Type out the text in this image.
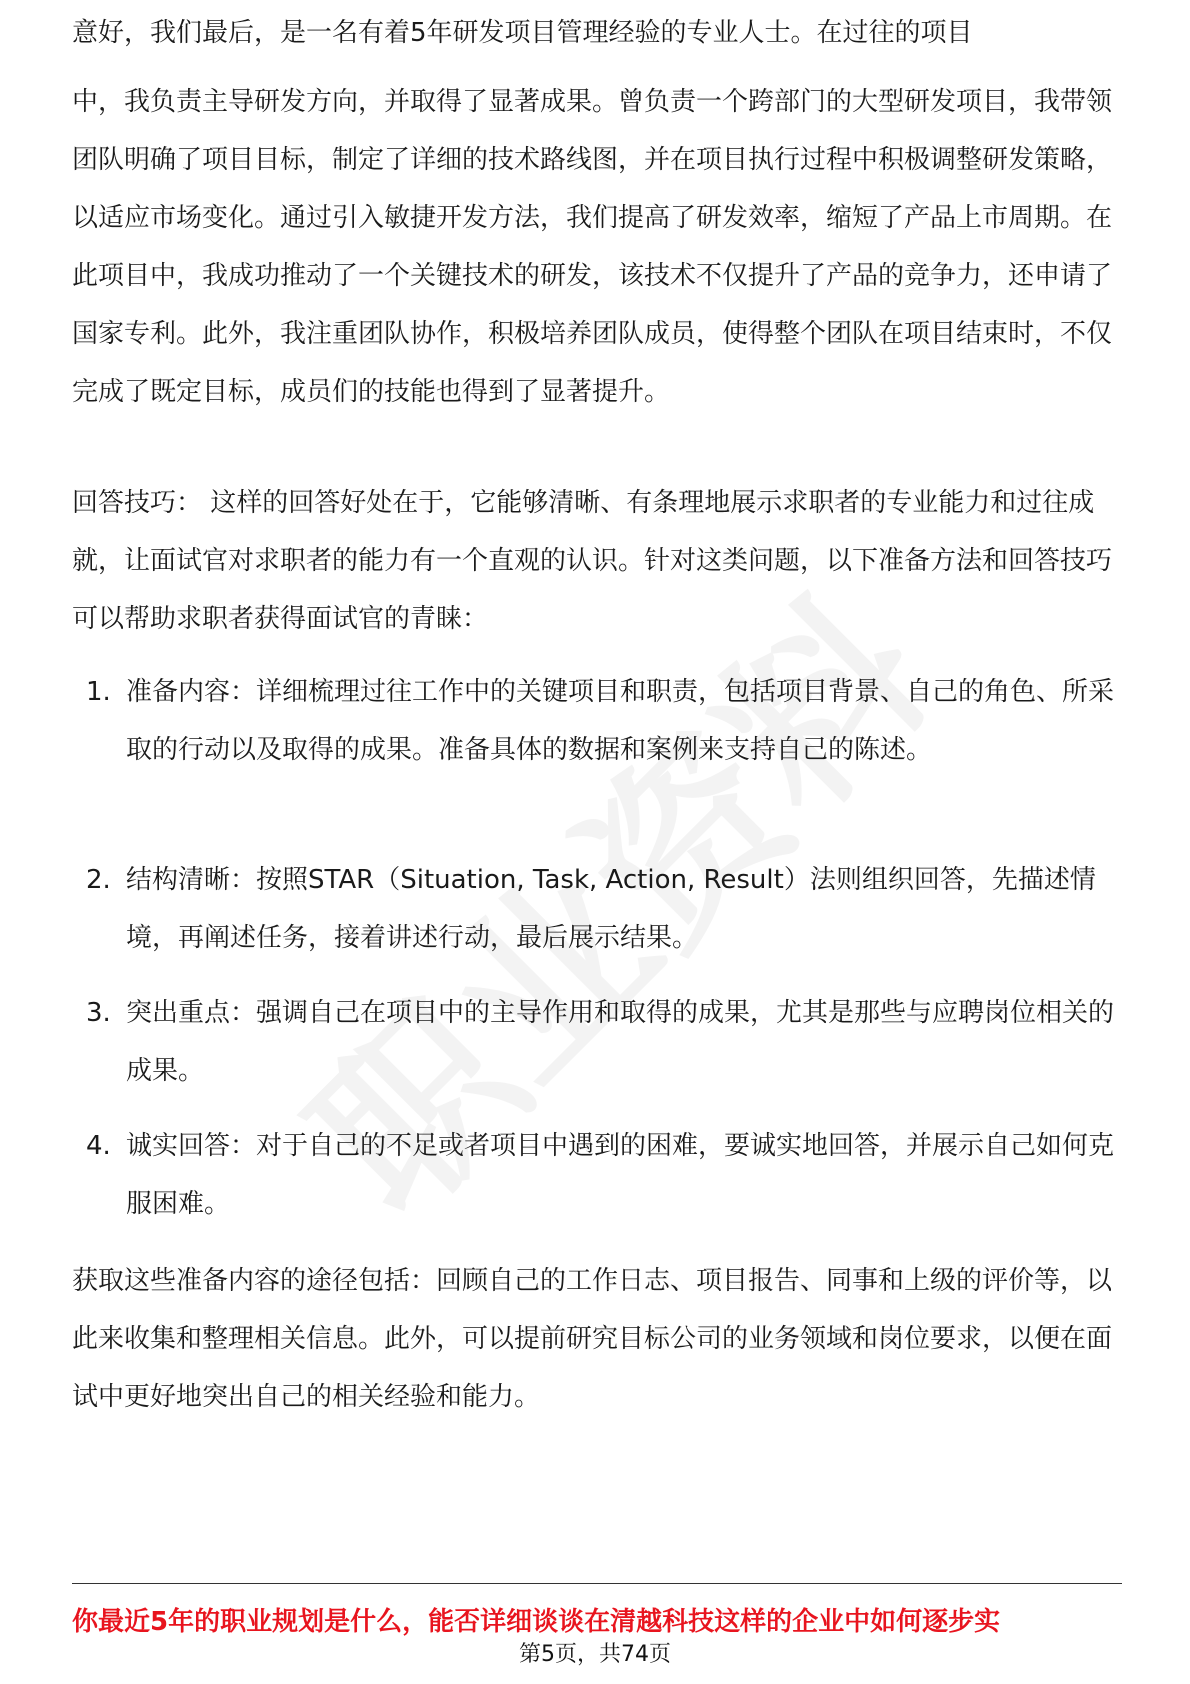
意好，我们最后，是一名有着5年研发项目管理经验的专业人士。在过往的项目

中，我负责主导研发方向，并取得了显著成果。曾负责一个跨部门的大型研发项目，我带领团队明确了项目目标，制定了详细的技术路线图，并在项目执行过程中积极调整研发策略，以适应市场变化。通过引入敏捷开发方法，我们提高了研发效率，缩短了产品上市周期。在此项目中，我成功推动了一个关键技术的研发，该技术不仅提升了产品的竞争力，还申请了国家专利。此外，我注重团队协作，积极培养团队成员，使得整个团队在项目结束时，不仅完成了既定目标，成员们的技能也得到了显著提升。

回答技巧： 这样的回答好处在于，它能够清晰、有条理地展示求职者的专业能力和过往成就，让面试官对求职者的能力有一个直观的认识。针对这类问题，以下准备方法和回答技巧可以帮助求职者获得面试官的青睐：

1. 准备内容：详细梳理过往工作中的关键项目和职责，包括项目背景、自己的角色、所采取的行动以及取得的成果。准备具体的数据和案例来支持自己的陈述。
2. 结构清晰：按照STAR（Situation, Task, Action, Result）法则组织回答，先描述情境，再阐述任务，接着讲述行动，最后展示结果。
3. 突出重点：强调自己在项目中的主导作用和取得的成果，尤其是那些与应聘岗位相关的成果。
4. 诚实回答：对于自己的不足或者项目中遇到的困难，要诚实地回答，并展示自己如何克服困难。

获取这些准备内容的途径包括：回顾自己的工作日志、项目报告、同事和上级的评价等，以此来收集和整理相关信息。此外，可以提前研究目标公司的业务领域和岗位要求，以便在面试中更好地突出自己的相关经验和能力。

你最近5年的职业规划是什么，能否详细谈谈在清越科技这样的企业中如何逐步实
第5页，共74页
